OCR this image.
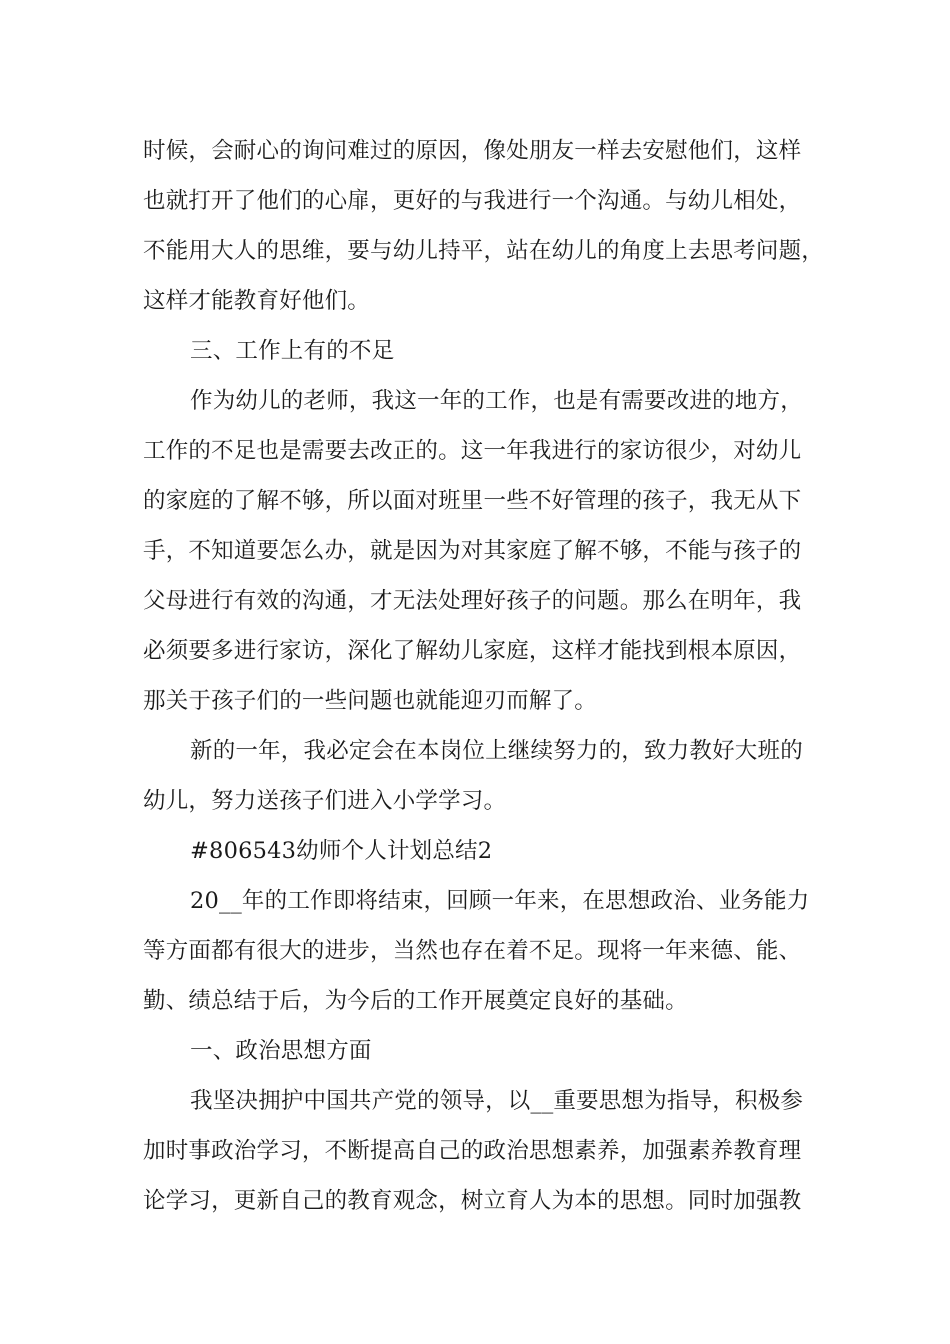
时候，会耐心的询问难过的原因，像处朋友一样去安慰他们，这样
也就打开了他们的心扉，更好的与我进行一个沟通。与幼儿相处，
不能用大人的思维，要与幼儿持平，站在幼儿的角度上去思考问题，
这样才能教育好他们。
三、工作上有的不足
作为幼儿的老师，我这一年的工作，也是有需要改进的地方，
工作的不足也是需要去改正的。这一年我进行的家访很少，对幼儿
的家庭的了解不够，所以面对班里一些不好管理的孩子，我无从下
手，不知道要怎么办，就是因为对其家庭了解不够，不能与孩子的
父母进行有效的沟通，才无法处理好孩子的问题。那么在明年，我
必须要多进行家访，深化了解幼儿家庭，这样才能找到根本原因，
那关于孩子们的一些问题也就能迎刃而解了。
新的一年，我必定会在本岗位上继续努力的，致力教好大班的
幼儿，努力送孩子们进入小学学习。
#806543幼师个人计划总结2
20__年的工作即将结束，回顾一年来，在思想政治、业务能力
等方面都有很大的进步，当然也存在着不足。现将一年来德、能、
勤、绩总结于后，为今后的工作开展奠定良好的基础。
一、政治思想方面
我坚决拥护中国共产党的领导，以__重要思想为指导，积极参
加时事政治学习，不断提高自己的政治思想素养，加强素养教育理
论学习，更新自己的教育观念，树立育人为本的思想。同时加强教
